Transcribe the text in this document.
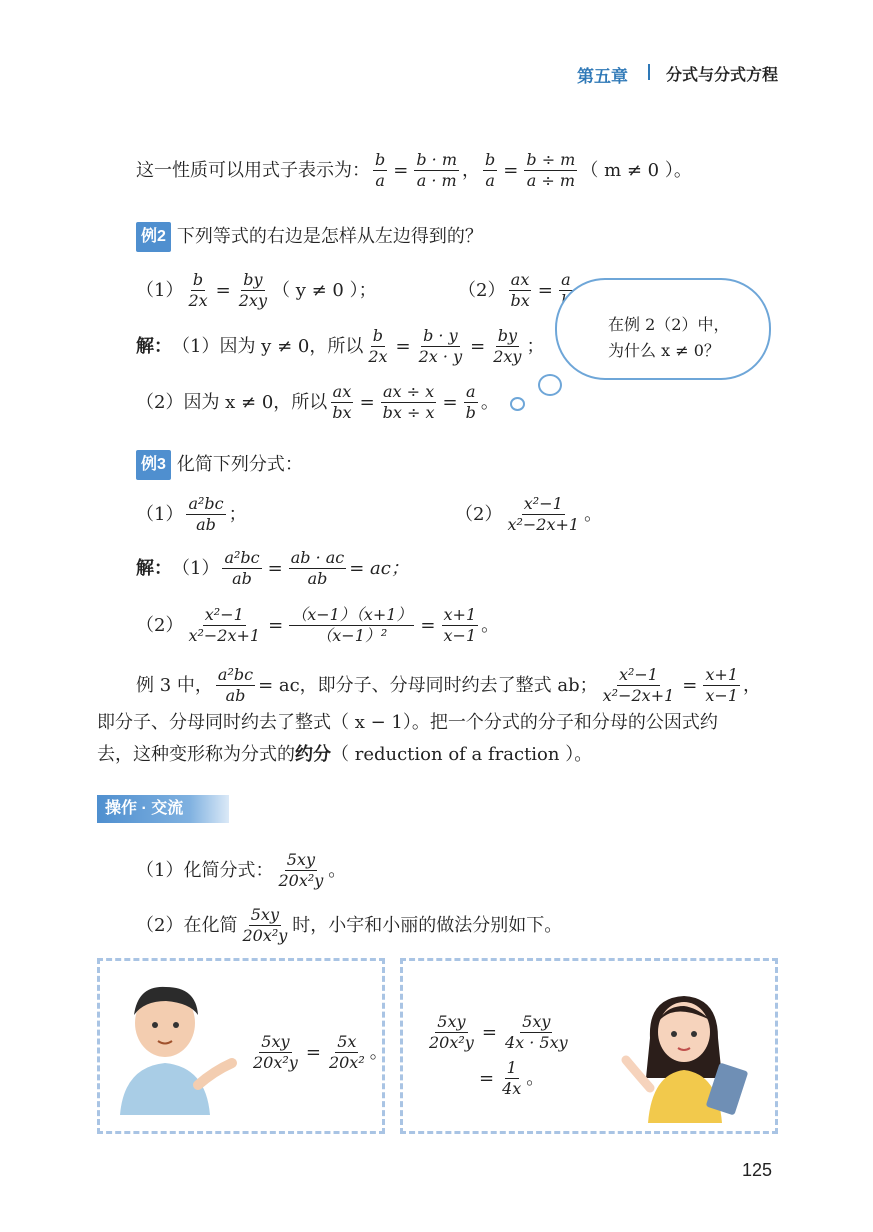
第五章 分式与分式方程
这一性质可以用式子表示为： $\frac{b}{a} = \frac{b \cdot m}{a \cdot m}$ ， $\frac{b}{a} = \frac{b \div m}{a \div m}$ （ m ≠ 0 ）。
例2 下列等式的右边是怎样从左边得到的？
$(1) \frac{b}{2x} = \frac{by}{2xy}$ （ y ≠ 0 ）；	$(2) \frac{ax}{bx} = a$
解： （1）因为 y ≠ 0，所以 $\frac{b}{2x} = \frac{b \cdot y}{2x \cdot y} = \frac{by}{2xy}$ ；
（2）因为 x ≠ 0，所以 $\frac{ax}{bx} = \frac{ax \div x}{bx \div x} = \frac{a}{b}$ 。
在例 2（2）中，
为什么 x ≠ 0？
例3 化简下列分式：
$(1) \frac{\text{a²bc}}{ab}$ ；	$(2) \frac{\text{x²−1}}{\text{x²−2x+1}}$ 。
解： $(1) \frac{\text{a²bc}}{ab} = \frac{ab \cdot ac}{ab}$ = ac；
$(2) \frac{\text{x²−1}}{\text{x²−2x+1}} = \frac{(x-1)(x+1)}{\text{（x−1）²}} = \frac{x+1}{x-1}$ 。
例 3 中， $\frac{\text{a²bc}}{ab}$ = ac，即分子、分母同时约去了整式 ab； $\frac{\text{x²−1}}{\text{x²−2x+1}} = \frac{x+1}{x-1}$ ，
即分子、分母同时约去了整式（ x − 1）。把一个分式的分子和分母的公因式约
去，这种变形称为分式的 约分 （ reduction of a fraction ）。
操作 · 交流
（1）化简分式： $\frac{5xy}{\text{20x²y}}$ 。
（2）在化简 $\frac{5xy}{\text{20x²y}}$ 时，小宇和小丽的做法分别如下。
$\frac{5xy}{\text{20x²y}} = \frac{5x}{\text{20x²}}$ 。 $\frac{5xy}{\text{20x²y}} = \frac{5xy}{4x \cdot 5xy}$
= $\frac{1}{4x}$ 。
125
